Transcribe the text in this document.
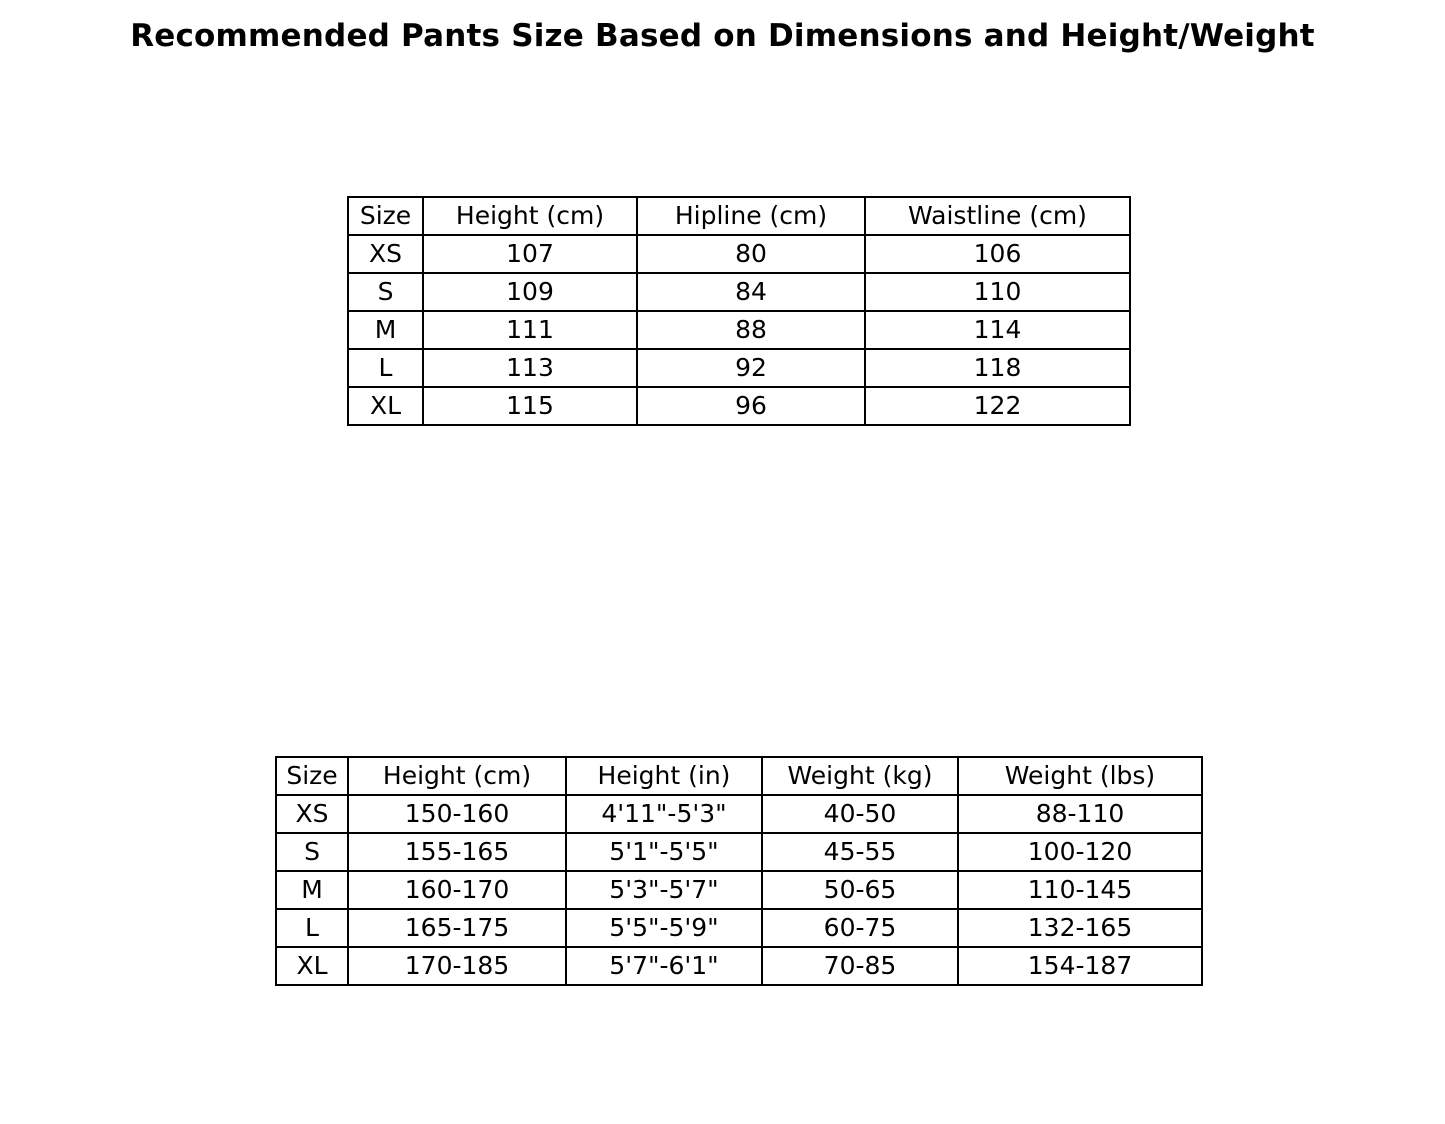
Recommended Pants Size Based on Dimensions and Height/Weight
Size	Height (cm)	Hipline (cm)	Waistline (cm)
XS	107	80	106
S	109	84	110
M	111	88	114
L	113	92	118
XL	115	96	122
Size	Height (cm)	Height (in)	Weight (kg)	Weight (lbs)
XS	150-160	4'11"-5'3"	40-50	88-110
S	155-165	5'1"-5'5"	45-55	100-120
M	160-170	5'3"-5'7"	50-65	110-145
L	165-175	5'5"-5'9"	60-75	132-165
XL	170-185	5'7"-6'1"	70-85	154-187
